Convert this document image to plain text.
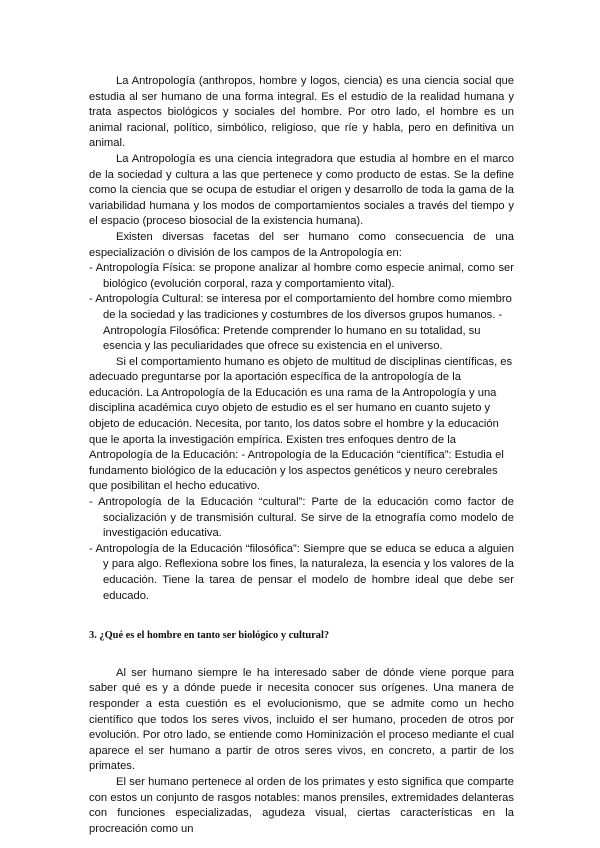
La Antropología (anthropos, hombre y logos, ciencia) es una ciencia social que estudia al ser humano de una forma integral. Es el estudio de la realidad humana y trata aspectos biológicos y sociales del hombre. Por otro lado, el hombre es un animal racional, político, simbólico, religioso, que ríe y habla, pero en definitiva un animal.

La Antropología es una ciencia integradora que estudia al hombre en el marco de la sociedad y cultura a las que pertenece y como producto de estas. Se la define como la ciencia que se ocupa de estudiar el origen y desarrollo de toda la gama de la variabilidad humana y los modos de comportamientos sociales a través del tiempo y el espacio (proceso biosocial de la existencia humana).

Existen diversas facetas del ser humano como consecuencia de una especialización o división de los campos de la Antropología en:

- Antropología Física: se propone analizar al hombre como especie animal, como ser biológico (evolución corporal, raza y comportamiento vital).

- Antropología Cultural: se interesa por el comportamiento del hombre como miembro de la sociedad y las tradiciones y costumbres de los diversos grupos humanos. - Antropología Filosófica: Pretende comprender lo humano en su totalidad, su esencia y las peculiaridades que ofrece su existencia en el universo.

Si el comportamiento humano es objeto de multitud de disciplinas científicas, es adecuado preguntarse por la aportación específica de la antropología de la educación. La Antropología de la Educación es una rama de la Antropología y una disciplina académica cuyo objeto de estudio es el ser humano en cuanto sujeto y objeto de educación. Necesita, por tanto, los datos sobre el hombre y la educación que le aporta la investigación empírica. Existen tres enfoques dentro de la Antropología de la Educación: - Antropología de la Educación “científica”: Estudia el fundamento biológico de la educación y los aspectos genéticos y neuro cerebrales que posibilitan el hecho educativo.

- Antropología de la Educación “cultural”: Parte de la educación como factor de socialización y de transmisión cultural. Se sirve de la etnografía como modelo de investigación educativa.

- Antropología de la Educación “filosófica”: Siempre que se educa se educa a alguien y para algo. Reflexiona sobre los fines, la naturaleza, la esencia y los valores de la educación. Tiene la tarea de pensar el modelo de hombre ideal que debe ser educado.

3. ¿Qué es el hombre en tanto ser biológico y cultural?

Al ser humano siempre le ha interesado saber de dónde viene porque para saber qué es y a dónde puede ir necesita conocer sus orígenes. Una manera de responder a esta cuestión es el evolucionismo, que se admite como un hecho científico que todos los seres vivos, incluido el ser humano, proceden de otros por evolución. Por otro lado, se entiende como Hominización el proceso mediante el cual aparece el ser humano a partir de otros seres vivos, en concreto, a partir de los primates.

El ser humano pertenece al orden de los primates y esto significa que comparte con estos un conjunto de rasgos notables: manos prensiles, extremidades delanteras con funciones especializadas, agudeza visual, ciertas características en la procreación como un
